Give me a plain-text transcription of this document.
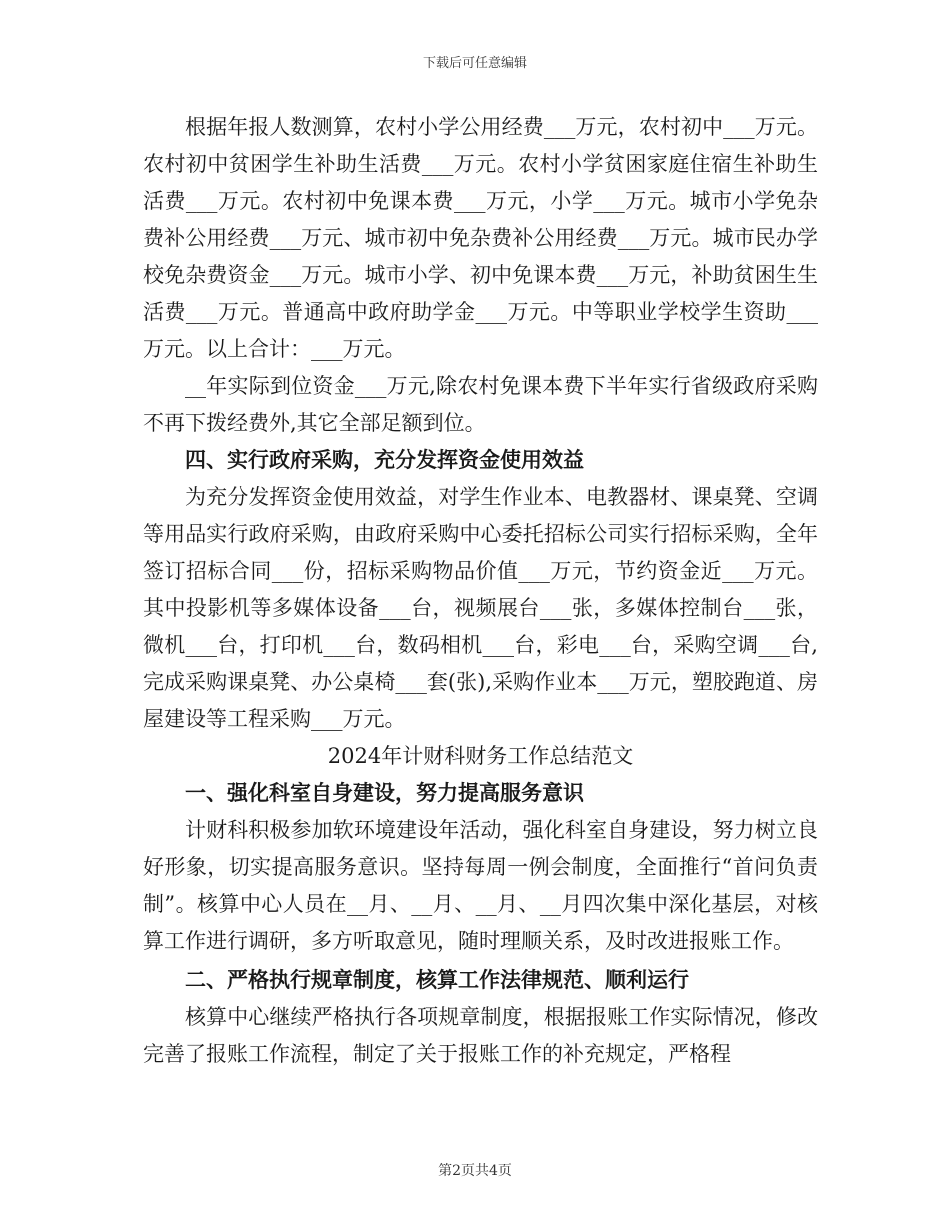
下载后可任意编辑

根据年报人数测算，农村小学公用经费___万元，农村初中___万元。农村初中贫困学生补助生活费___万元。农村小学贫困家庭住宿生补助生活费___万元。农村初中免课本费___万元，小学___万元。城市小学免杂费补公用经费___万元、城市初中免杂费补公用经费___万元。城市民办学校免杂费资金___万元。城市小学、初中免课本费___万元，补助贫困生生活费___万元。普通高中政府助学金___万元。中等职业学校学生资助___万元。以上合计：___万元。

__年实际到位资金___万元,除农村免课本费下半年实行省级政府采购不再下拨经费外,其它全部足额到位。

四、实行政府采购，充分发挥资金使用效益

为充分发挥资金使用效益，对学生作业本、电教器材、课桌凳、空调等用品实行政府采购，由政府采购中心委托招标公司实行招标采购，全年签订招标合同___份，招标采购物品价值___万元，节约资金近___万元。其中投影机等多媒体设备___台，视频展台___张，多媒体控制台___张，微机___台，打印机___台，数码相机___台，彩电___台，采购空调___台,完成采购课桌凳、办公桌椅___套(张),采购作业本___万元，塑胶跑道、房屋建设等工程采购___万元。

2024年计财科财务工作总结范文

一、强化科室自身建设，努力提高服务意识

计财科积极参加软环境建设年活动，强化科室自身建设，努力树立良好形象，切实提高服务意识。坚持每周一例会制度，全面推行“首问负责制”。核算中心人员在__月、__月、__月、__月四次集中深化基层，对核算工作进行调研，多方听取意见，随时理顺关系，及时改进报账工作。

二、严格执行规章制度，核算工作法律规范、顺利运行

核算中心继续严格执行各项规章制度，根据报账工作实际情况，修改完善了报账工作流程，制定了关于报账工作的补充规定，严格程

第2页共4页
